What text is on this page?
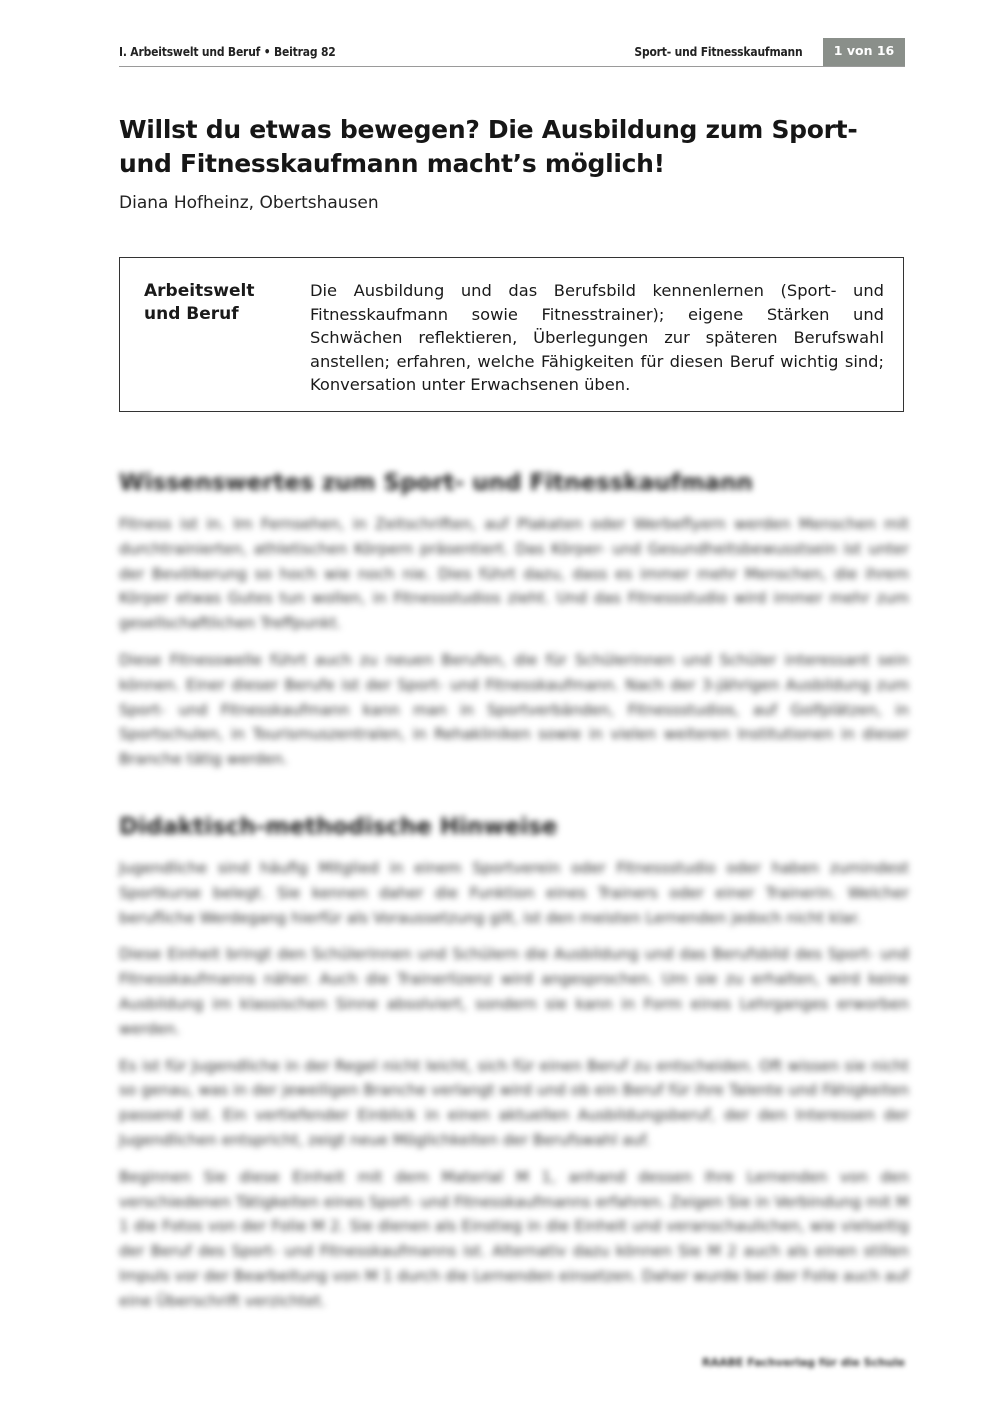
I. Arbeitswelt und Beruf • Beitrag 82	Sport- und Fitnesskaufmann	1 von 16
Willst du etwas bewegen? Die Ausbildung zum Sport- und Fitnesskaufmann macht’s möglich!
Diana Hofheinz, Obertshausen
Arbeitswelt und Beruf
Die Ausbildung und das Berufsbild kennenlernen (Sport- und Fitnesskaufmann sowie Fitnesstrainer); eigene Stärken und Schwächen reflektieren, Überlegungen zur späteren Berufswahl anstellen; erfahren, welche Fähigkeiten für diesen Beruf wichtig sind; Konversation unter Erwachsenen üben.
Wissenswertes zum Sport- und Fitnesskaufmann

Fitness ist in. Im Fernsehen, in Zeitschriften, auf Plakaten oder Werbeflyern werden Menschen mit durchtrainierten, athletischen Körpern präsentiert. Das Körper- und Gesundheitsbewusstsein ist unter der Bevölkerung so hoch wie noch nie. Dies führt dazu, dass es immer mehr Menschen, die ihrem Körper etwas Gutes tun wollen, in Fitnessstudios zieht. Und das Fitnessstudio wird immer mehr zum gesellschaftlichen Treffpunkt.

Diese Fitnesswelle führt auch zu neuen Berufen, die für Schülerinnen und Schüler interessant sein können. Einer dieser Berufe ist der Sport- und Fitnesskaufmann. Nach der 3-jährigen Ausbildung zum Sport- und Fitnesskaufmann kann man in Sportverbänden, Fitnessstudios, auf Golfplätzen, in Sportschulen, in Tourismuszentralen, in Rehakliniken sowie in vielen weiteren Institutionen in dieser Branche tätig werden.

Didaktisch-methodische Hinweise

Jugendliche sind häufig Mitglied in einem Sportverein oder Fitnessstudio oder haben zumindest Sportkurse belegt. Sie kennen daher die Funktion eines Trainers oder einer Trainerin. Welcher berufliche Werdegang hierfür als Voraussetzung gilt, ist den meisten Lernenden jedoch nicht klar.

Diese Einheit bringt den Schülerinnen und Schülern die Ausbildung und das Berufsbild des Sport- und Fitnesskaufmanns näher. Auch die Trainerlizenz wird angesprochen. Um sie zu erhalten, wird keine Ausbildung im klassischen Sinne absolviert, sondern sie kann in Form eines Lehrganges erworben werden.

Es ist für Jugendliche in der Regel nicht leicht, sich für einen Beruf zu entscheiden. Oft wissen sie nicht so genau, was in der jeweiligen Branche verlangt wird und ob ein Beruf für ihre Talente und Fähigkeiten passend ist. Ein vertiefender Einblick in einen aktuellen Ausbildungsberuf, der den Interessen der Jugendlichen entspricht, zeigt neue Möglichkeiten der Berufswahl auf.

Beginnen Sie diese Einheit mit dem Material M 1, anhand dessen Ihre Lernenden von den verschiedenen Tätigkeiten eines Sport- und Fitnesskaufmanns erfahren. Zeigen Sie in Verbindung mit M 1 die Fotos von der Folie M 2. Sie dienen als Einstieg in die Einheit und veranschaulichen, wie vielseitig der Beruf des Sport- und Fitnesskaufmanns ist. Alternativ dazu können Sie M 2 auch als einen stillen Impuls vor der Bearbeitung von M 1 durch die Lernenden einsetzen. Daher wurde bei der Folie auch auf eine Überschrift verzichtet.

RAABE Fachverlag für die Schule
